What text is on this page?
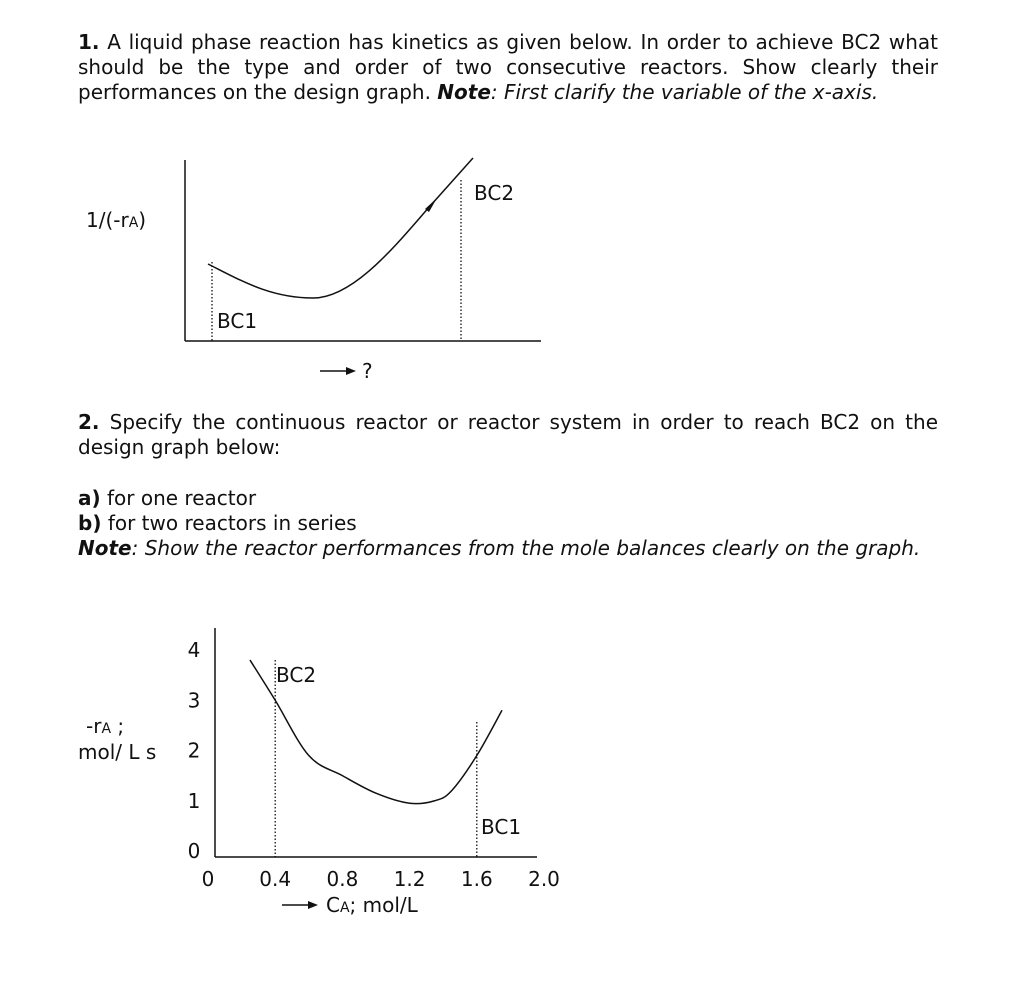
1. A liquid phase reaction has kinetics as given below. In order to achieve BC2 what should be the type and order of two consecutive reactors. Show clearly their performances on the design graph. Note: First clarify the variable of the x-axis.

1/(-rA)
BC1
BC2
?

2. Specify the continuous reactor or reactor system in order to reach BC2 on the design graph below:

a) for one reactor

b) for two reactors in series

Note: Show the reactor performances from the mole balances clearly on the graph.

-rA ;
mol/ L s
4
3
2
1
0
0 0.4 0.8 1.2 1.6 2.0
BC2
BC1
CA; mol/L
